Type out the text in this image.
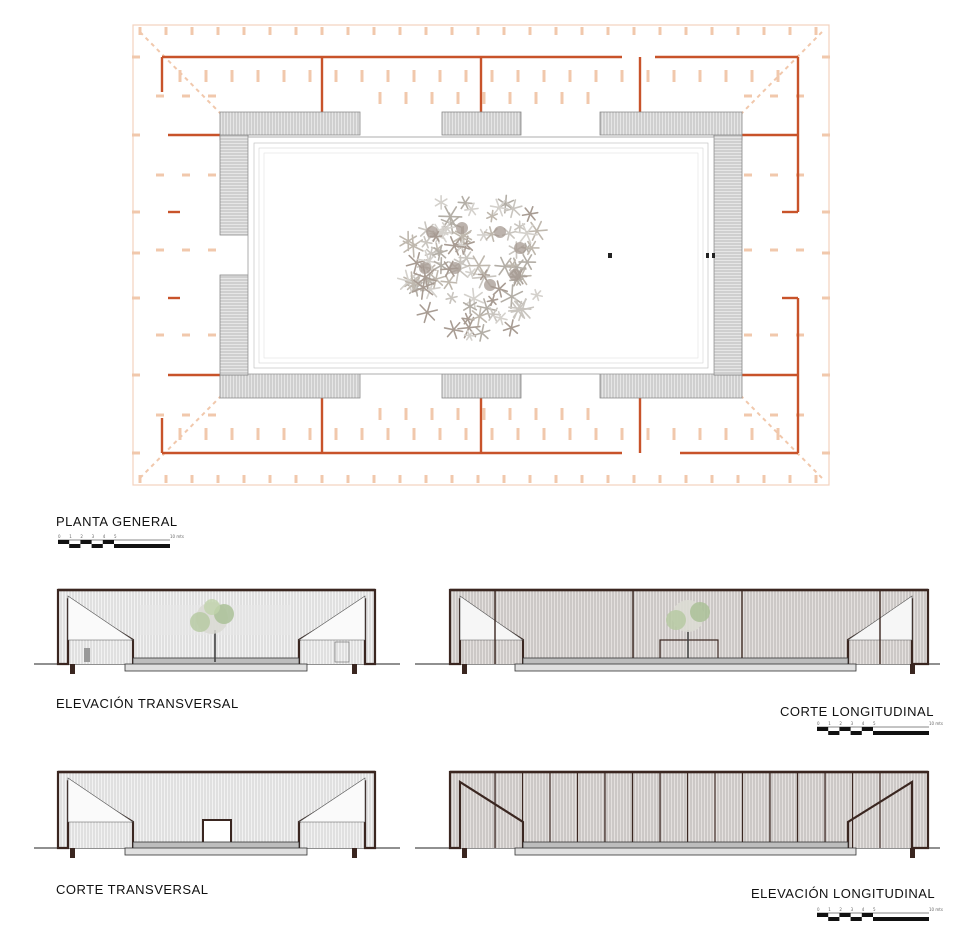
0 1 2 3 4 5	10 mts
0 1 2 3 4 5	10 mts
0 1 2 3 4 5	10 mts
PLANTA GENERAL
ELEVACIÓN TRANSVERSAL
CORTE LONGITUDINAL
CORTE TRANSVERSAL	ELEVACIÓN LONGITUDINAL
